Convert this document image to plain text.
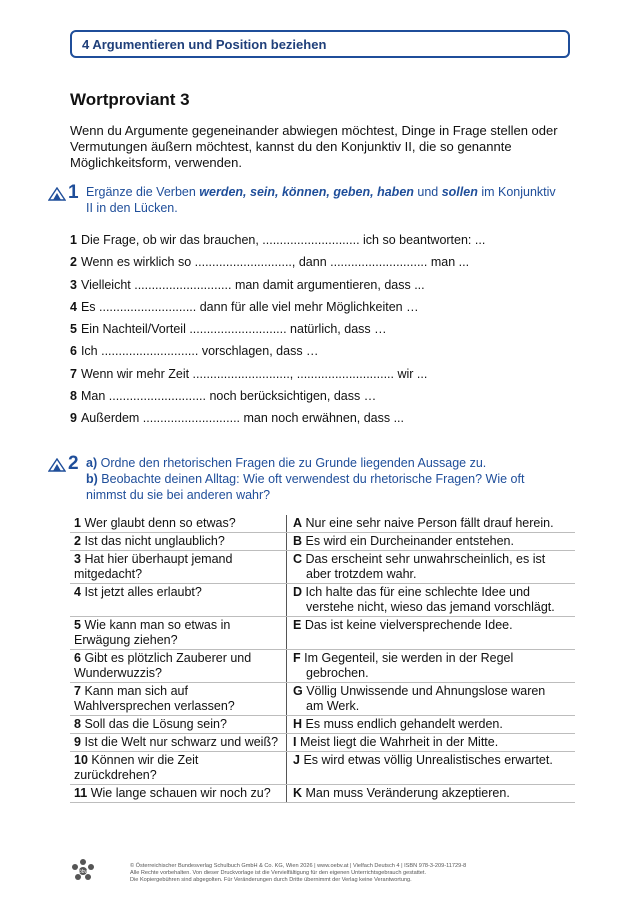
4 Argumentieren und Position beziehen
Wortproviant 3
Wenn du Argumente gegeneinander abwiegen möchtest, Dinge in Frage stellen oder Vermutungen äußern möchtest, kannst du den Konjunktiv II, die so genannte Möglichkeitsform, verwenden.
1 Ergänze die Verben werden, sein, können, geben, haben und sollen im Konjunktiv II in den Lücken.
1 Die Frage, ob wir das brauchen, ............................ ich so beantworten: ...
2 Wenn es wirklich so ............................, dann ............................ man ...
3 Vielleicht ............................ man damit argumentieren, dass ...
4 Es ............................ dann für alle viel mehr Möglichkeiten …
5 Ein Nachteil/Vorteil ............................ natürlich, dass …
6 Ich ............................ vorschlagen, dass …
7 Wenn wir mehr Zeit ............................, ............................ wir ...
8 Man ............................ noch berücksichtigen, dass …
9 Außerdem ............................ man noch erwähnen, dass ...
2 a) Ordne den rhetorischen Fragen die zu Grunde liegenden Aussage zu.
b) Beobachte deinen Alltag: Wie oft verwendest du rhetorische Fragen? Wie oft nimmst du sie bei anderen wahr?
1 Wer glaubt denn so etwas?	A Nur eine sehr naive Person fällt drauf herein.
2 Ist das nicht unglaublich?	B Es wird ein Durcheinander entstehen.
3 Hat hier überhaupt jemand mitgedacht?	C Das erscheint sehr unwahrscheinlich, es ist
aber trotzdem wahr.

4 Ist jetzt alles erlaubt?	D Ich halte das für eine schlechte Idee und
verstehe nicht, wieso das jemand vorschlägt.

5 Wie kann man so etwas in Erwägung ziehen?	E Das ist keine vielversprechende Idee.
6 Gibt es plötzlich Zauberer und Wunderwuzzis?	F Im Gegenteil, sie werden in der Regel
gebrochen.

7 Kann man sich auf Wahlversprechen verlassen?	G Völlig Unwissende und Ahnungslose waren
am Werk.

8 Soll das die Lösung sein?	H Es muss endlich gehandelt werden.
9 Ist die Welt nur schwarz und weiß?	I Meist liegt die Wahrheit in der Mitte.
10 Können wir die Zeit zurückdrehen?	J Es wird etwas völlig Unrealistisches erwartet.
11 Wie lange schauen wir noch zu?	K Man muss Veränderung akzeptieren.
öbv
© Österreichischer Bundesverlag Schulbuch GmbH & Co. KG, Wien 2026 | www.oebv.at | Vielfach Deutsch 4 | ISBN 978-3-209-11729-8
Alle Rechte vorbehalten. Von dieser Druckvorlage ist die Vervielfältigung für den eigenen Unterrichtsgebrauch gestattet.
Die Kopiergebühren sind abgegolten. Für Veränderungen durch Dritte übernimmt der Verlag keine Verantwortung.
